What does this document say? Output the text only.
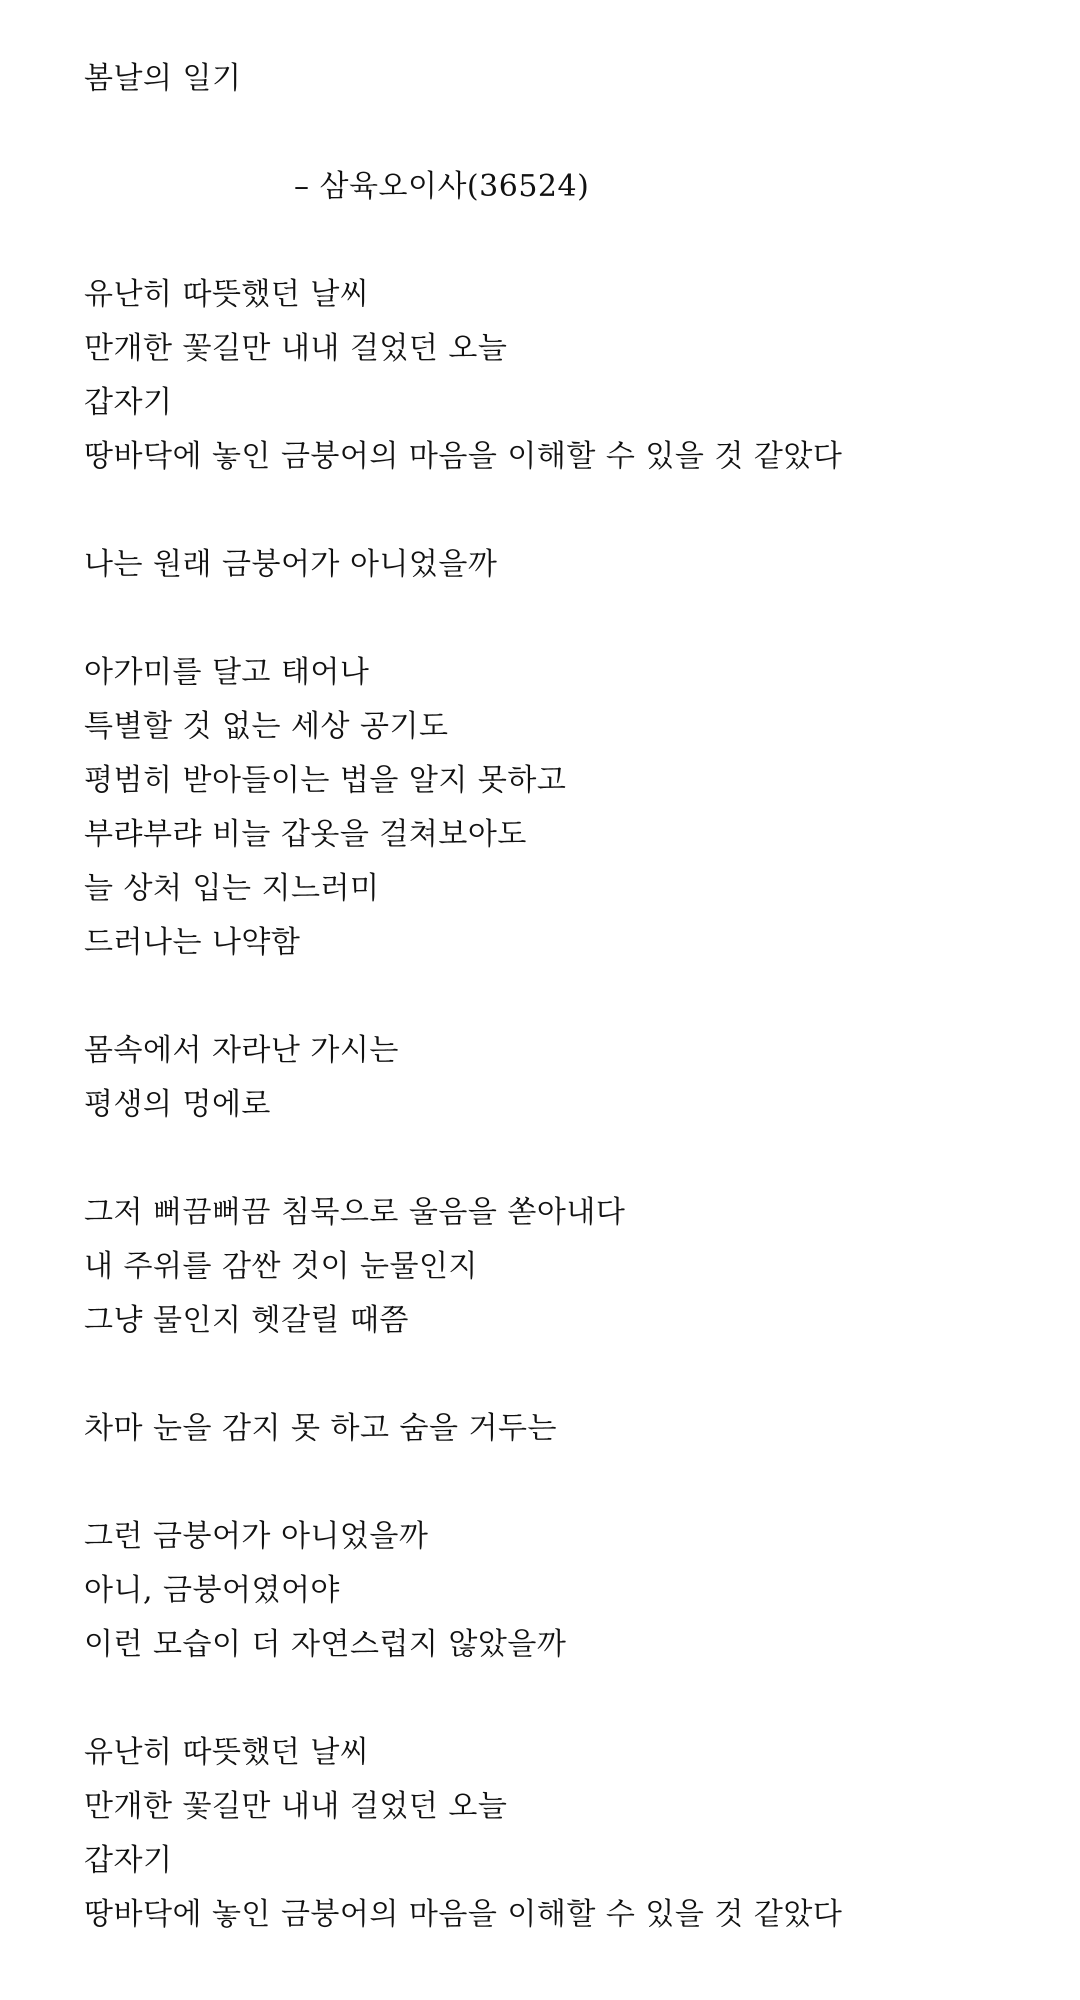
봄날의 일기
– 삼육오이사(36524)
유난히 따뜻했던 날씨
만개한 꽃길만 내내 걸었던 오늘
갑자기
땅바닥에 놓인 금붕어의 마음을 이해할 수 있을 것 같았다
나는 원래 금붕어가 아니었을까
아가미를 달고 태어나
특별할 것 없는 세상 공기도
평범히 받아들이는 법을 알지 못하고
부랴부랴 비늘 갑옷을 걸쳐보아도
늘 상처 입는 지느러미
드러나는 나약함
몸속에서 자라난 가시는
평생의 멍에로
그저 뻐끔뻐끔 침묵으로 울음을 쏟아내다
내 주위를 감싼 것이 눈물인지
그냥 물인지 헷갈릴 때쯤
차마 눈을 감지 못 하고 숨을 거두는
그런 금붕어가 아니었을까
아니, 금붕어였어야
이런 모습이 더 자연스럽지 않았을까
유난히 따뜻했던 날씨
만개한 꽃길만 내내 걸었던 오늘
갑자기
땅바닥에 놓인 금붕어의 마음을 이해할 수 있을 것 같았다
